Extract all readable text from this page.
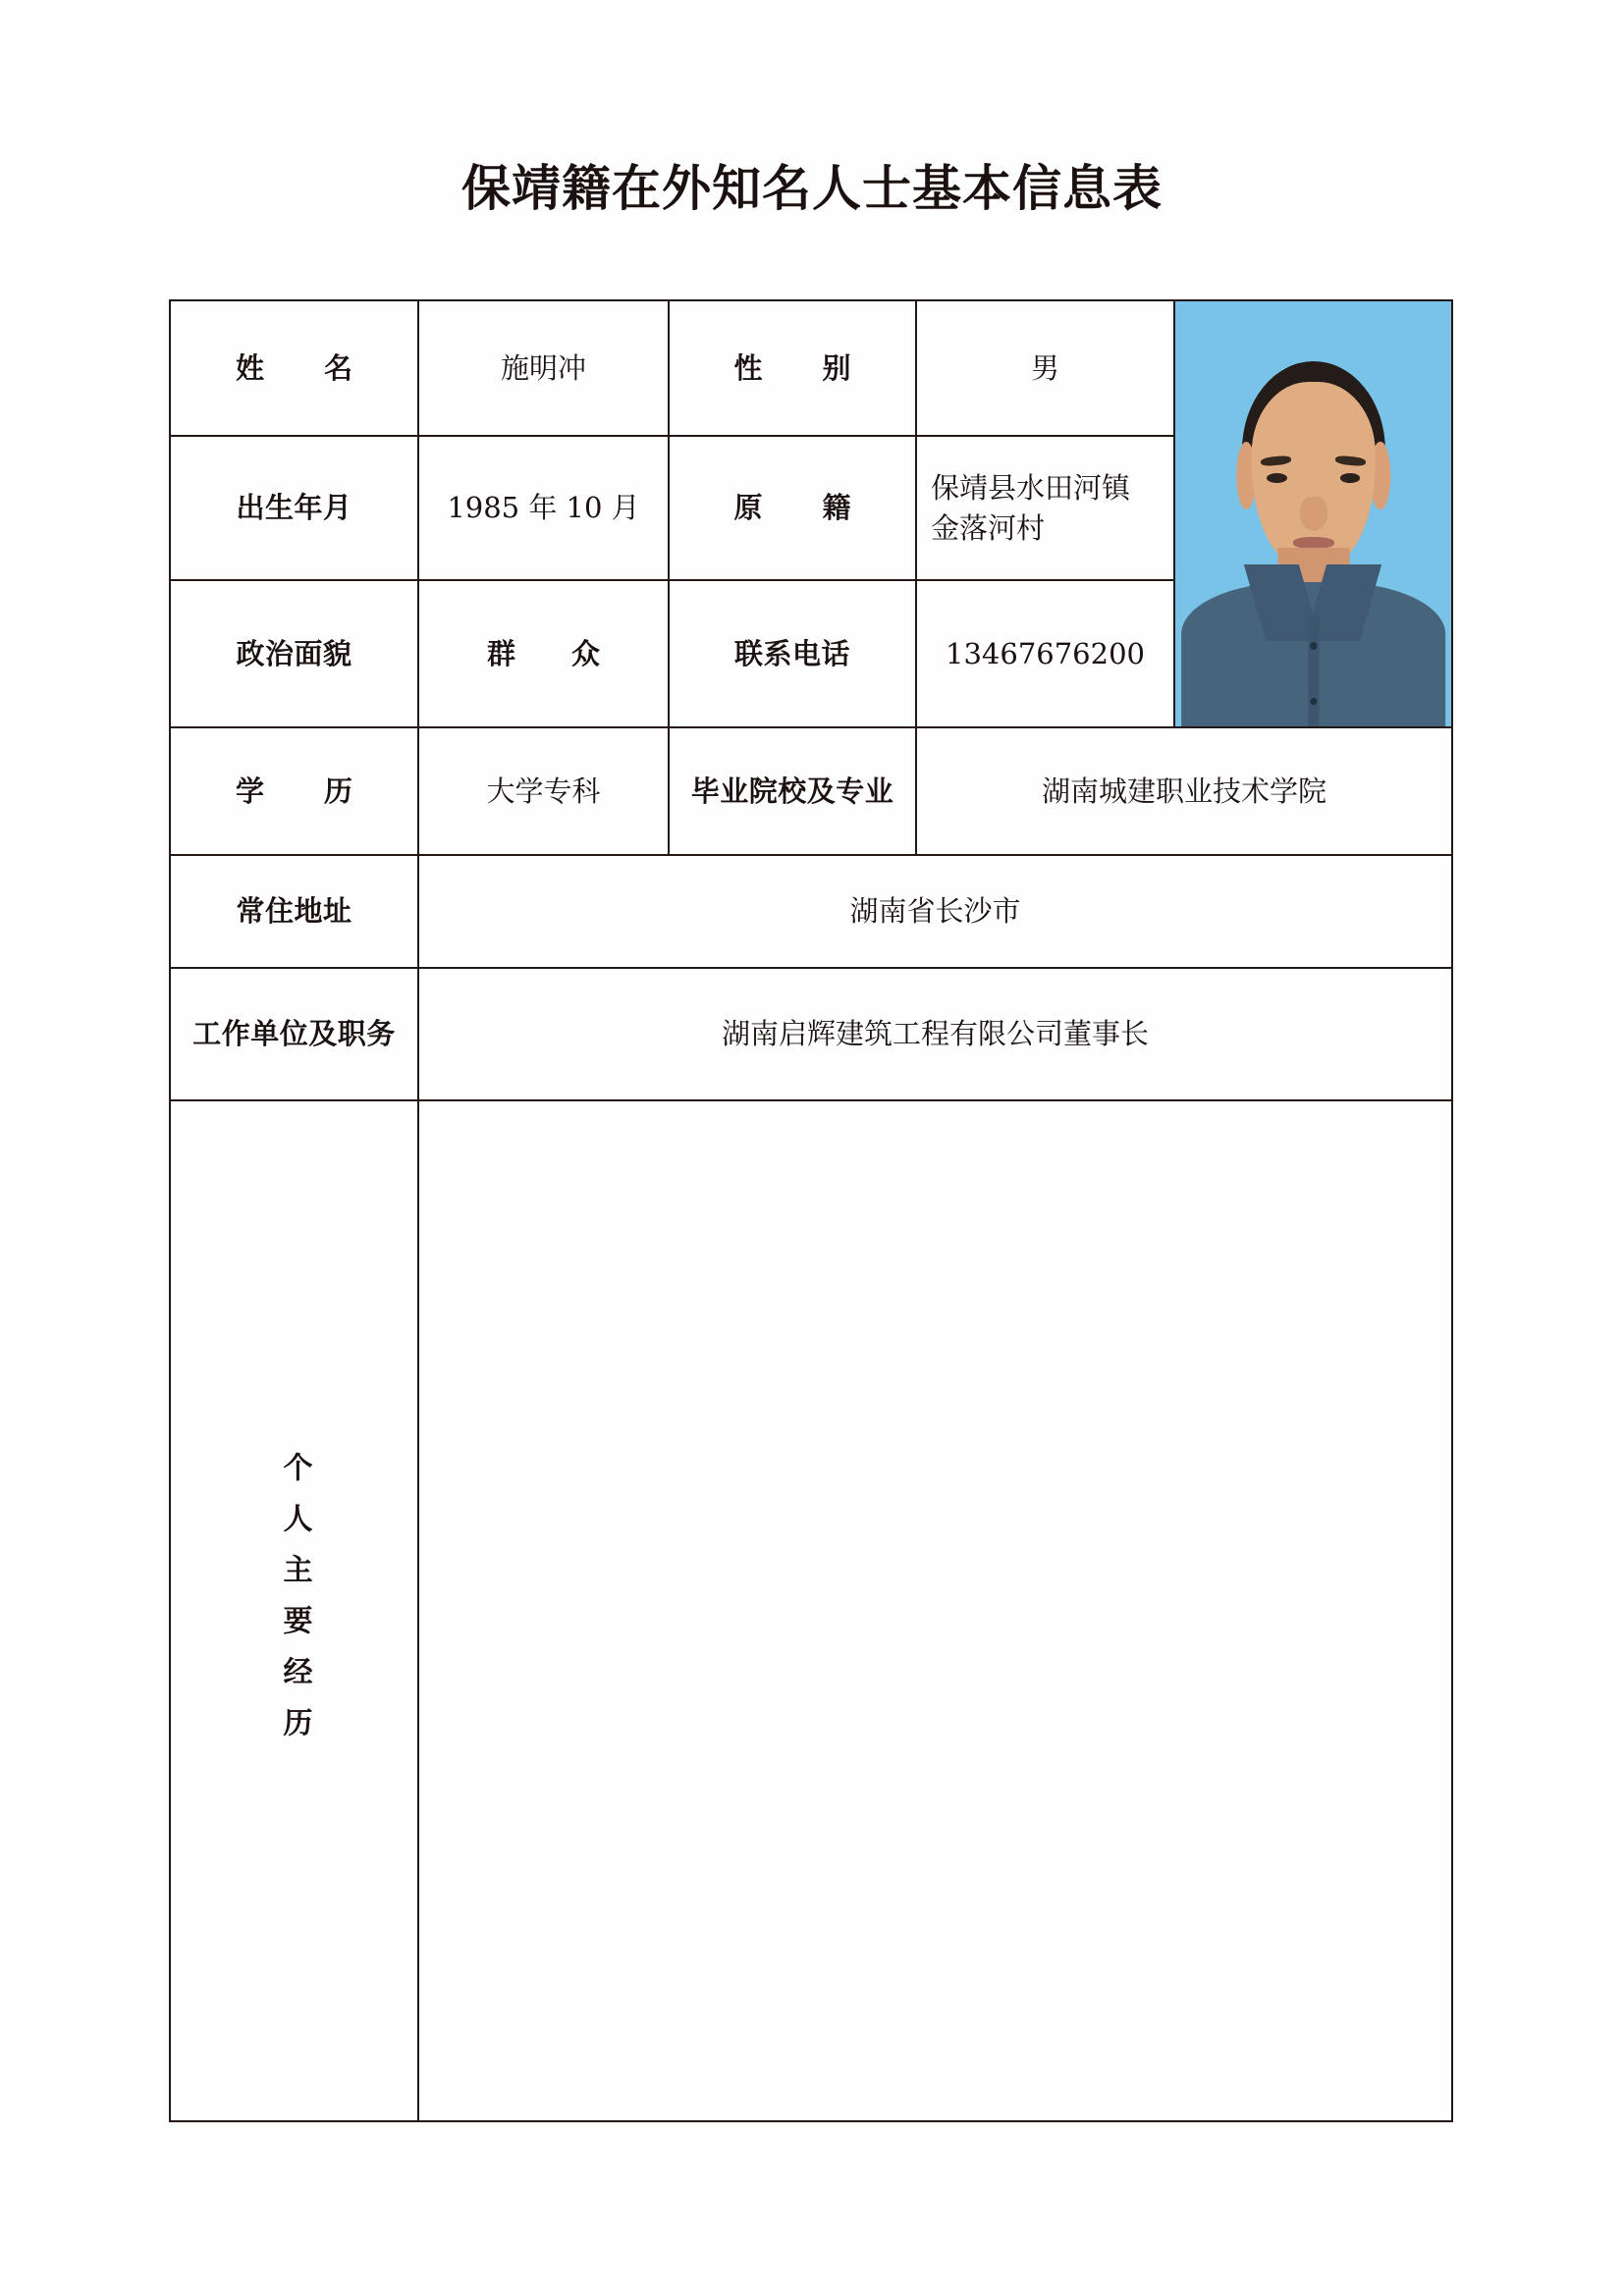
保靖籍在外知名人士基本信息表
姓　名	施明冲	性　别	男	

出生年月	1985 年 10 月	原　籍	保靖县水田河镇
金落河村	

政治面貌	群　众	联系电话	13467676200	
学　历	大学专科	毕业院校及专业	湖南城建职业技术学院	
常住地址	湖南省长沙市			
工作单位及职务	湖南启辉建筑工程有限公司董事长			
个人主要经历				
